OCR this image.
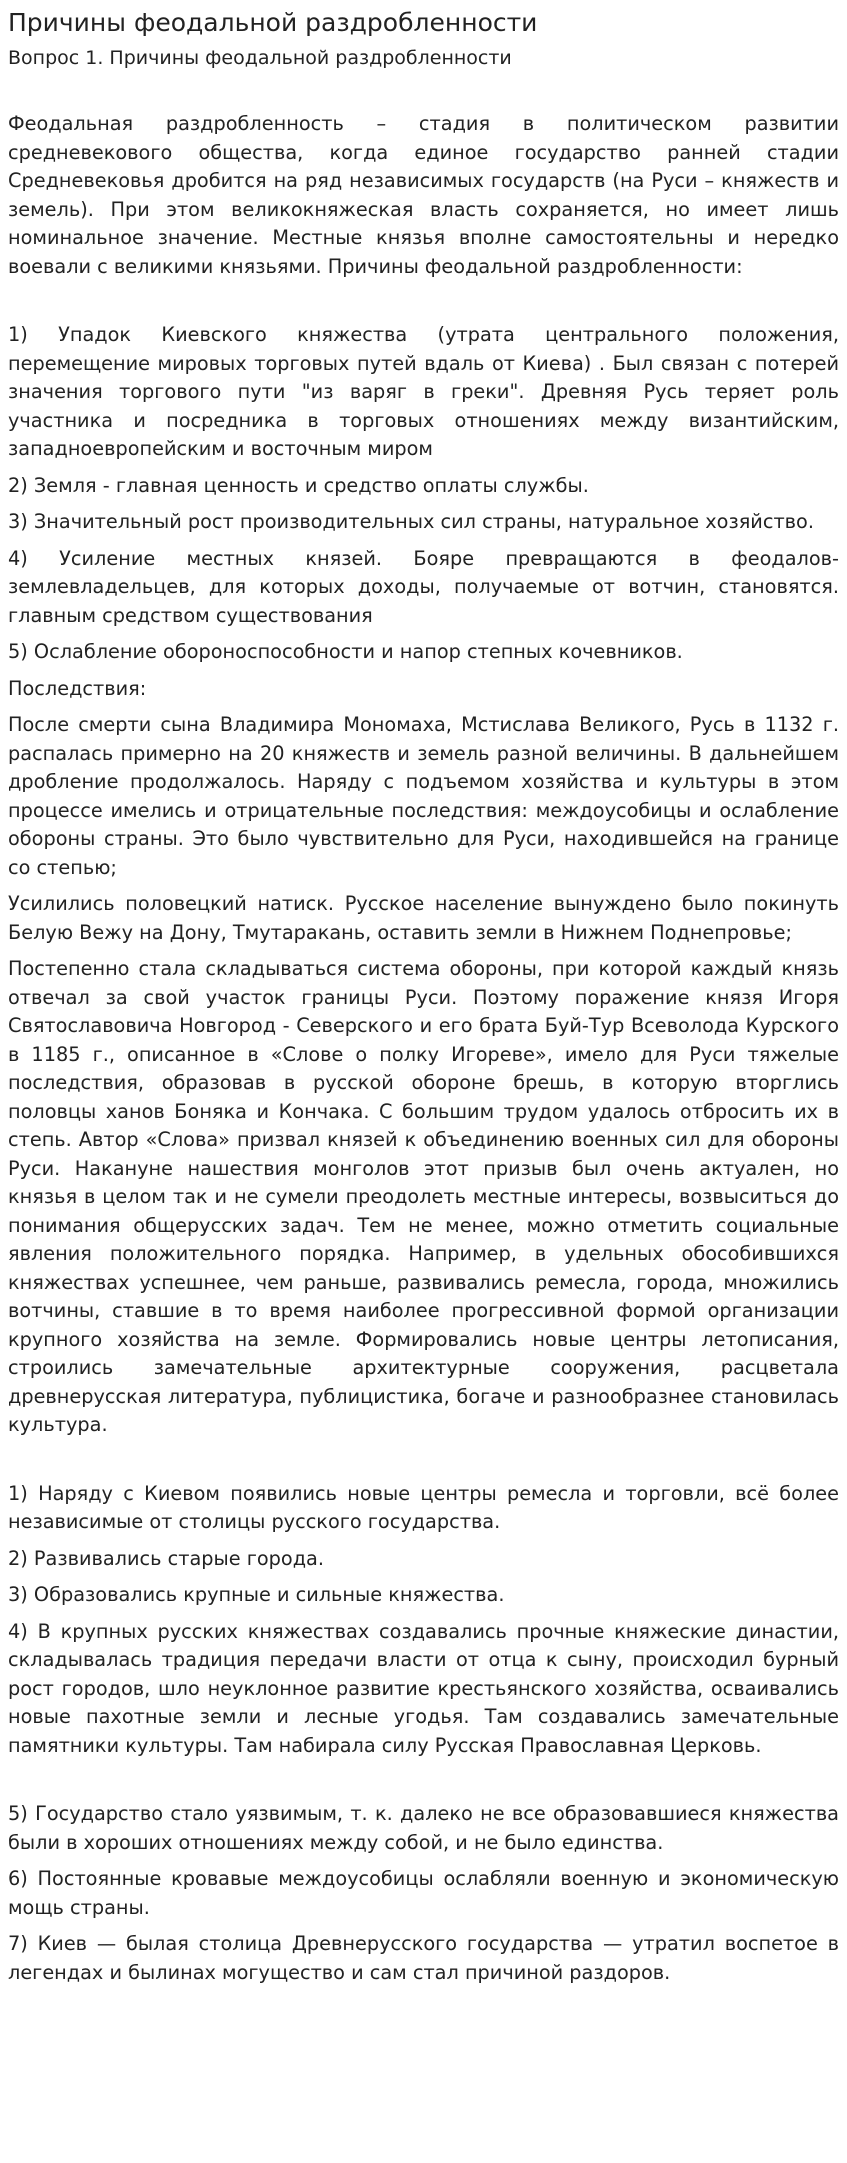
Причины феодальной раздробленности
Вопрос 1. Причины феодальной раздробленности

Феодальная раздробленность – стадия в политическом развитии средневекового общества, когда единое государство ранней стадии Средневековья дробится на ряд независимых государств (на Руси – княжеств и земель). При этом великокняжеская власть сохраняется, но имеет лишь номинальное значение. Местные князья вполне самостоятельны и нередко воевали с великими князьями. Причины феодальной раздробленности:

1) Упадок Киевского княжества (утрата центрального положения, перемещение мировых торговых путей вдаль от Киева) . Был связан с потерей значения торгового пути "из варяг в греки". Древняя Русь теряет роль участника и посредника в торговых отношениях между византийским, западноевропейским и восточным миром

2) Земля - главная ценность и средство оплаты службы.

3) Значительный рост производительных сил страны, натуральное хозяйство.

4) Усиление местных князей. Бояре превращаются в феодалов-землевладельцев, для которых доходы, получаемые от вотчин, становятся. главным средством существования

5) Ослабление обороноспособности и напор степных кочевников.

Последствия:

После смерти сына Владимира Мономаха, Мстислава Великого, Русь в 1132 г. распалась примерно на 20 княжеств и земель разной величины. В дальнейшем дробление продолжалось. Наряду с подъемом хозяйства и культуры в этом процессе имелись и отрицательные последствия: междоусобицы и ослабление обороны страны. Это было чувствительно для Руси, находившейся на границе со степью;

Усилились половецкий натиск. Русское население вынуждено было покинуть Белую Вежу на Дону, Тмутаракань, оставить земли в Нижнем Поднепровье;

Постепенно стала складываться система обороны, при которой каждый князь отвечал за свой участок границы Руси. Поэтому поражение князя Игоря Святославовича Новгород - Северского и его брата Буй-Тур Всеволода Курского в 1185 г., описанное в «Слове о полку Игореве», имело для Руси тяжелые последствия, образовав в русской обороне брешь, в которую вторглись половцы ханов Боняка и Кончака. С большим трудом удалось отбросить их в степь. Автор «Слова» призвал князей к объединению военных сил для обороны Руси. Накануне нашествия монголов этот призыв был очень актуален, но князья в целом так и не сумели преодолеть местные интересы, возвыситься до понимания общерусских задач. Тем не менее, можно отметить социальные явления положительного порядка. Например, в удельных обособившихся княжествах успешнее, чем раньше, развивались ремесла, города, множились вотчины, ставшие в то время наиболее прогрессивной формой организации крупного хозяйства на земле. Формировались новые центры летописания, строились замечательные архитектурные сооружения, расцветала древнерусская литература, публицистика, богаче и разнообразнее становилась культура.

1) Наряду с Киевом появились новые центры ремесла и торговли, всё более независимые от столицы русского государства.

2) Развивались старые города.

3) Образовались крупные и сильные княжества.

4) В крупных русских княжествах создавались прочные княжеские династии, складывалась традиция передачи власти от отца к сыну, происходил бурный рост городов, шло неуклонное развитие крестьянского хозяйства, осваивались новые пахотные земли и лесные угодья. Там создавались замечательные памятники культуры. Там набирала силу Русская Православная Церковь.

5) Государство стало уязвимым, т. к. далеко не все образовавшиеся княжества были в хороших отношениях между собой, и не было единства.

6) Постоянные кровавые междоусобицы ослабляли военную и экономическую мощь страны.

7) Киев — былая столица Древнерусского государства — утратил воспетое в легендах и былинах могущество и сам стал причиной раздоров.
